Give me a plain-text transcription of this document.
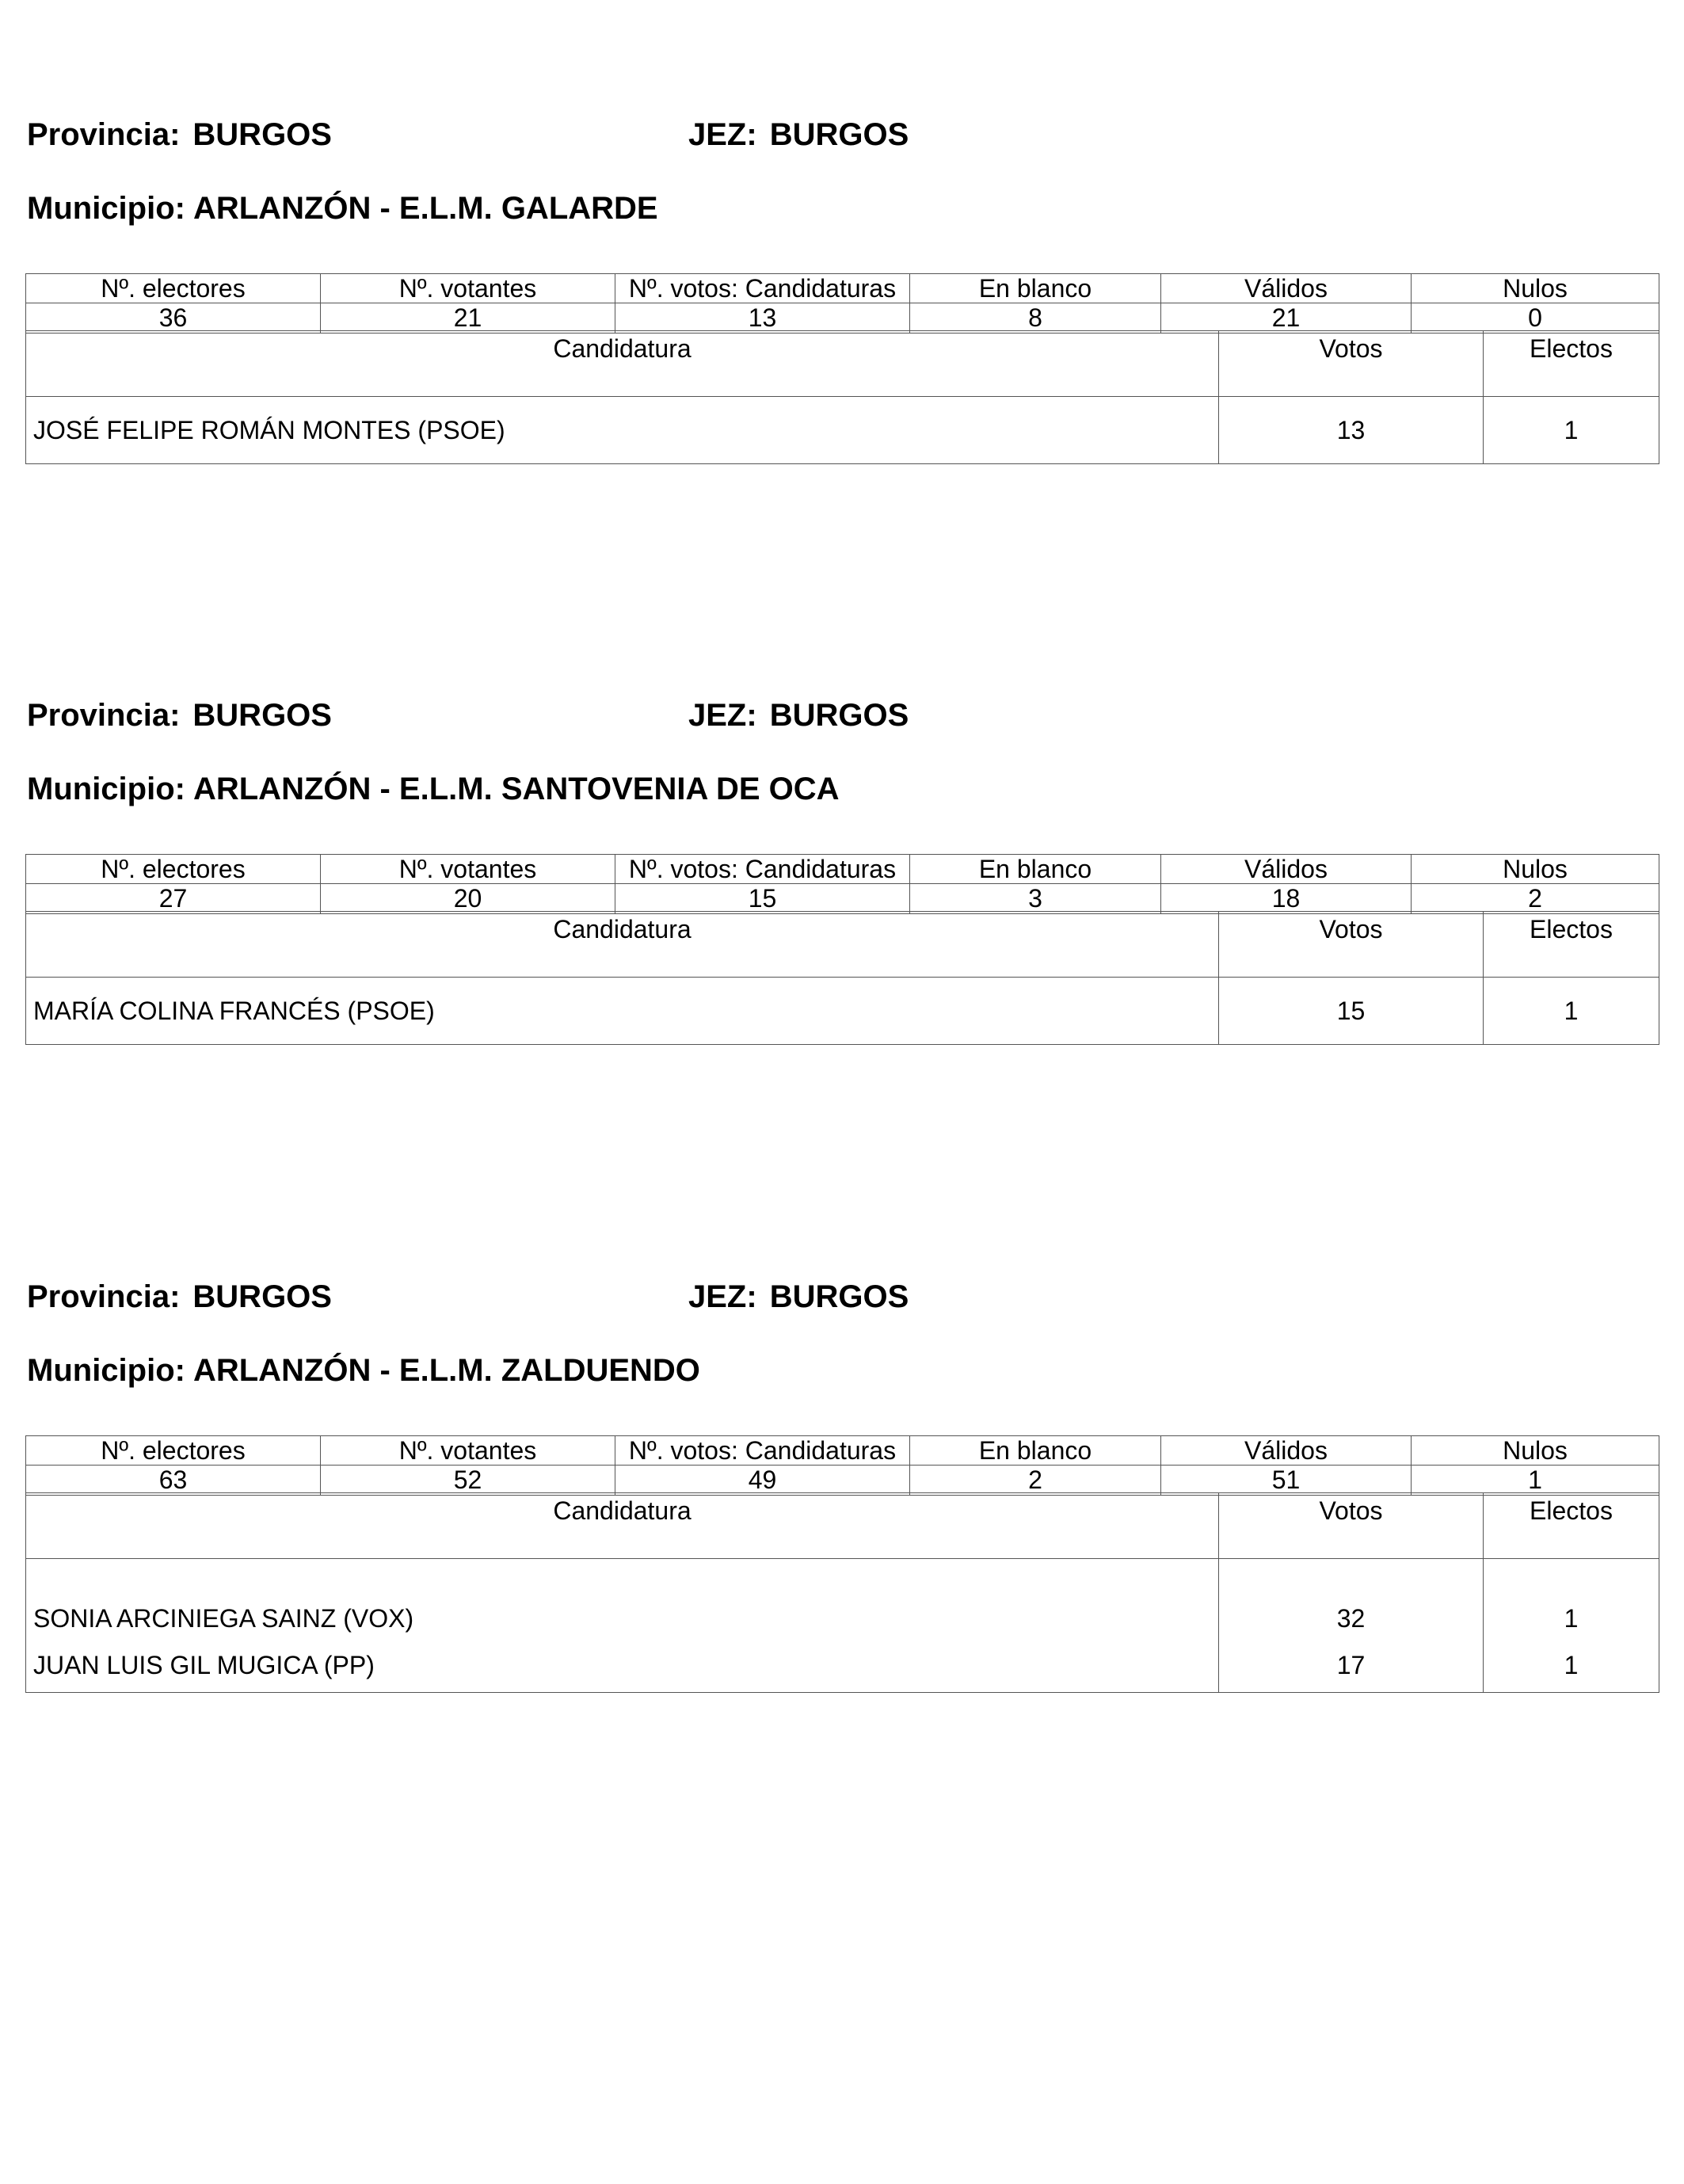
Provincia: BURGOS	JEZ: BURGOS
Municipio: ARLANZÓN - E.L.M. GALARDE
Nº. electores	Nº. votantes	Nº. votos: Candidaturas	En blanco	Válidos	Nulos
36	21	13	8	21	0
Candidatura	Votos	Electos
JOSÉ FELIPE ROMÁN MONTES (PSOE)	13	1
Provincia: BURGOS	JEZ: BURGOS
Municipio: ARLANZÓN - E.L.M. SANTOVENIA DE OCA
Nº. electores	Nº. votantes	Nº. votos: Candidaturas	En blanco	Válidos	Nulos
27	20	15	3	18	2
Candidatura	Votos	Electos
MARÍA COLINA FRANCÉS (PSOE)	15	1
Provincia: BURGOS	JEZ: BURGOS
Municipio: ARLANZÓN - E.L.M. ZALDUENDO
Nº. electores	Nº. votantes	Nº. votos: Candidaturas	En blanco	Válidos	Nulos
63	52	49	2	51	1
Candidatura	Votos	Electos
SONIA ARCINIEGA SAINZ (VOX)	32	1
JUAN LUIS GIL MUGICA (PP)	17	1
